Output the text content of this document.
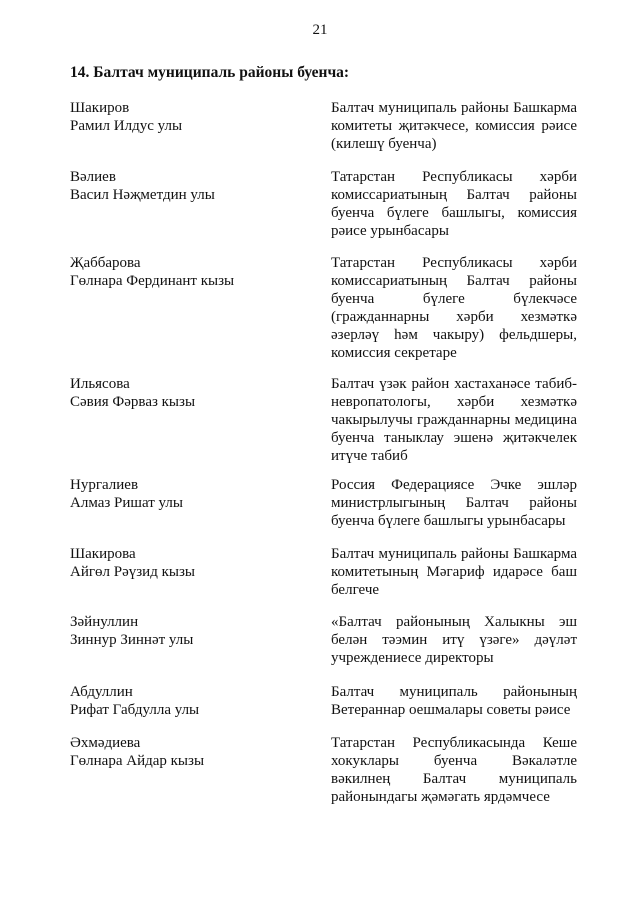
21
14. Балтач муниципаль районы буенча:
Шакиров
Рамил Илдус улы
Балтач муниципаль районы Башкарма комитеты җитәкчесе, комиссия рәисе (килешү буенча)
Вәлиев
Васил Нәҗметдин улы
Татарстан Республикасы хәрби комиссариатының Балтач районы буенча бүлеге башлыгы, комиссия рәисе урынбасары
Җаббарова
Гөлнара Фердинант кызы
Татарстан Республикасы хәрби комиссариатының Балтач районы буенча бүлеге бүлекчәсе (гражданнарны хәрби хезмәткә әзерләү һәм чакыру) фельдшеры, комиссия секретаре
Ильясова
Сәвия Фәрваз кызы
Балтач үзәк район хастаханәсе табиб-невропатологы, хәрби хезмәткә чакырылучы гражданнарны медицина буенча таныклау эшенә җитәкчелек итүче табиб
Нургалиев
Алмаз Ришат улы
Россия Федерациясе Эчке эшләр министрлыгының Балтач районы буенча бүлеге башлыгы урынбасары
Шакирова
Айгөл Рәүзид кызы
Балтач муниципаль районы Башкарма комитетының Мәгариф идарәсе баш белгече
Зәйнуллин
Зиннур Зиннәт улы
«Балтач районының Халыкны эш белән тәэмин итү үзәге» дәүләт учреждениесе директоры
Абдуллин
Рифат Габдулла улы
Балтач муниципаль районының Ветераннар оешмалары советы рәисе
Әхмәдиева
Гөлнара Айдар кызы
Татарстан Республикасында Кеше хокуклары буенча Вәкаләтле вәкилнең Балтач муниципаль районындагы җәмәгать ярдәмчесе
